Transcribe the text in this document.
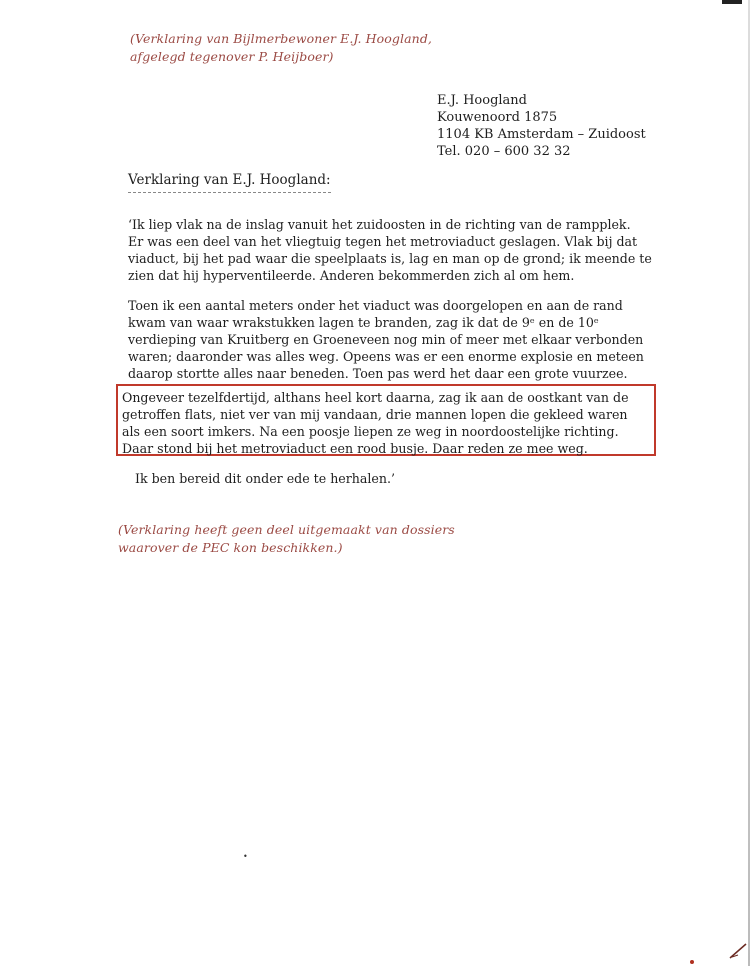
(Verklaring van Bijlmerbewoner E.J. Hoogland,
afgelegd tegenover P. Heijboer)
E.J. Hoogland
Kouwenoord 1875
1104 KB Amsterdam – Zuidoost
Tel. 020 – 600 32 32
Verklaring van E.J. Hoogland:
‘Ik liep vlak na de inslag vanuit het zuidoosten in de richting van de rampplek.
Er was een deel van het vliegtuig tegen het metroviaduct geslagen. Vlak bij dat
viaduct, bij het pad waar die speelplaats is, lag en man op de grond; ik meende te
zien dat hij hyperventileerde. Anderen bekommerden zich al om hem.
Toen ik een aantal meters onder het viaduct was doorgelopen en aan de rand
kwam van waar wrakstukken lagen te branden, zag ik dat de 9ᵉ en de 10ᵉ
verdieping van Kruitberg en Groeneveen nog min of meer met elkaar verbonden
waren; daaronder was alles weg. Opeens was er een enorme explosie en meteen
daarop stortte alles naar beneden. Toen pas werd het daar een grote vuurzee.
Ongeveer tezelfdertijd, althans heel kort daarna, zag ik aan de oostkant van de
getroffen flats, niet ver van mij vandaan, drie mannen lopen die gekleed waren
als een soort imkers. Na een poosje liepen ze weg in noordoostelijke richting.
Daar stond bij het metroviaduct een rood busje. Daar reden ze mee weg.
Ik ben bereid dit onder ede te herhalen.’
(Verklaring heeft geen deel uitgemaakt van dossiers
waarover de PEC kon beschikken.)
•
